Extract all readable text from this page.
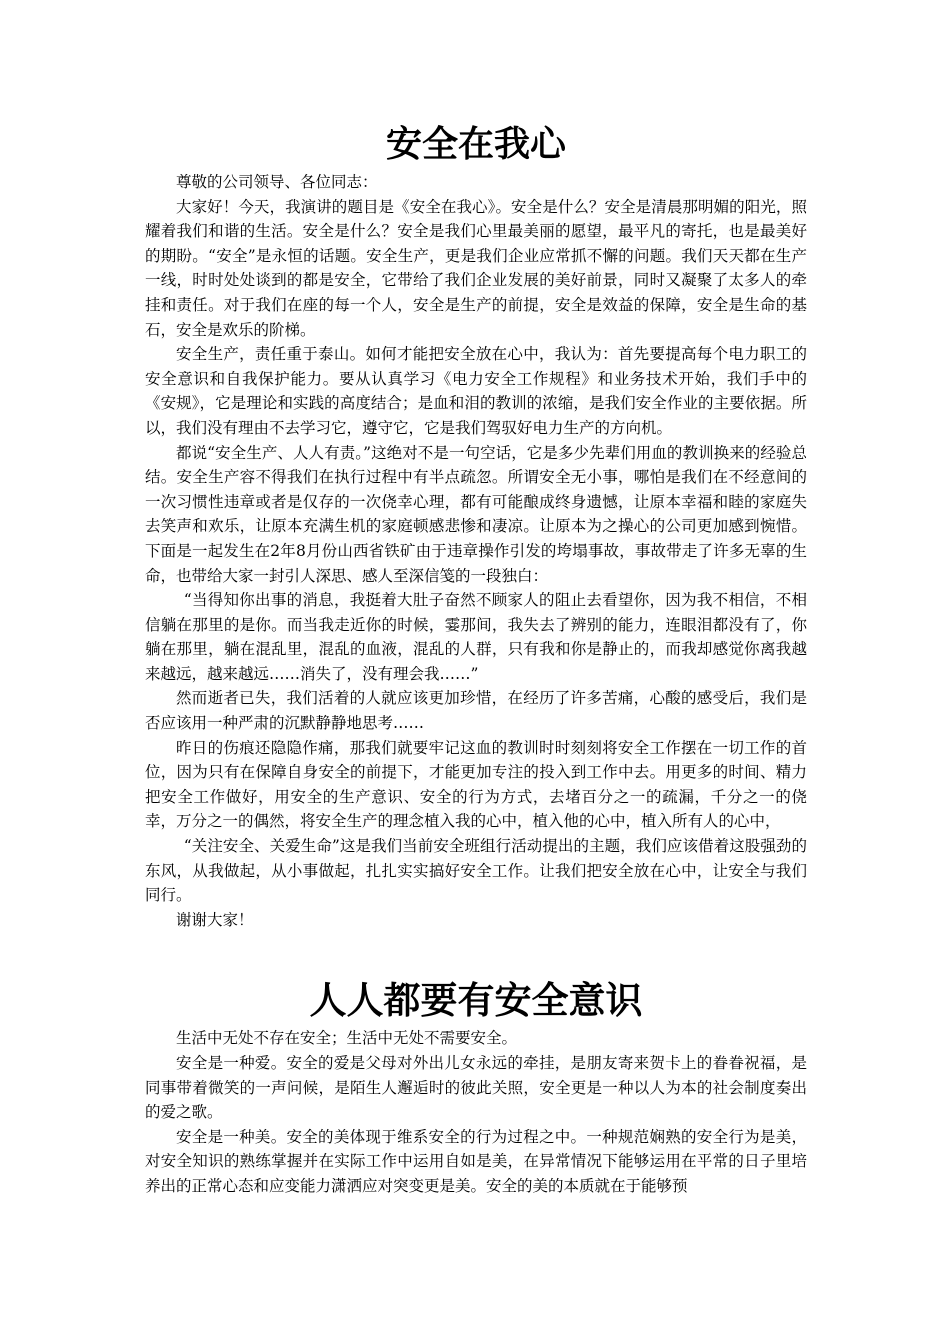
安全在我心

尊敬的公司领导、各位同志：

大家好！今天，我演讲的题目是《安全在我心》。安全是什么？安全是清晨那明媚的阳光，照耀着我们和谐的生活。安全是什么？安全是我们心里最美丽的愿望，最平凡的寄托，也是最美好的期盼。“安全”是永恒的话题。安全生产，更是我们企业应常抓不懈的问题。我们天天都在生产一线，时时处处谈到的都是安全，它带给了我们企业发展的美好前景，同时又凝聚了太多人的牵挂和责任。对于我们在座的每一个人，安全是生产的前提，安全是效益的保障，安全是生命的基石，安全是欢乐的阶梯。

安全生产，责任重于泰山。如何才能把安全放在心中，我认为：首先要提高每个电力职工的安全意识和自我保护能力。要从认真学习《电力安全工作规程》和业务技术开始，我们手中的《安规》，它是理论和实践的高度结合；是血和泪的教训的浓缩，是我们安全作业的主要依据。所以，我们没有理由不去学习它，遵守它，它是我们驾驭好电力生产的方向机。

都说“安全生产、人人有责。”这绝对不是一句空话，它是多少先辈们用血的教训换来的经验总结。安全生产容不得我们在执行过程中有半点疏忽。所谓安全无小事，哪怕是我们在不经意间的一次习惯性违章或者是仅存的一次侥幸心理，都有可能酿成终身遗憾，让原本幸福和睦的家庭失去笑声和欢乐，让原本充满生机的家庭顿感悲惨和凄凉。让原本为之操心的公司更加感到惋惜。下面是一起发生在2年8月份山西省铁矿由于违章操作引发的垮塌事故，事故带走了许多无辜的生命，也带给大家一封引人深思、感人至深信笺的一段独白：

“当得知你出事的消息，我挺着大肚子奋然不顾家人的阻止去看望你，因为我不相信，不相信躺在那里的是你。而当我走近你的时候，霎那间，我失去了辨别的能力，连眼泪都没有了，你躺在那里，躺在混乱里，混乱的血液，混乱的人群，只有我和你是静止的，而我却感觉你离我越来越远，越来越远……消失了，没有理会我……”

然而逝者已失，我们活着的人就应该更加珍惜，在经历了许多苦痛，心酸的感受后，我们是否应该用一种严肃的沉默静静地思考……

昨日的伤痕还隐隐作痛，那我们就要牢记这血的教训时时刻刻将安全工作摆在一切工作的首位，因为只有在保障自身安全的前提下，才能更加专注的投入到工作中去。用更多的时间、精力把安全工作做好，用安全的生产意识、安全的行为方式，去堵百分之一的疏漏，千分之一的侥幸，万分之一的偶然，将安全生产的理念植入我的心中，植入他的心中，植入所有人的心中，

“关注安全、关爱生命”这是我们当前安全班组行活动提出的主题，我们应该借着这股强劲的东风，从我做起，从小事做起，扎扎实实搞好安全工作。让我们把安全放在心中，让安全与我们同行。

谢谢大家！

人人都要有安全意识

生活中无处不存在安全；生活中无处不需要安全。

安全是一种爱。安全的爱是父母对外出儿女永远的牵挂，是朋友寄来贺卡上的眷眷祝福，是同事带着微笑的一声问候，是陌生人邂逅时的彼此关照，安全更是一种以人为本的社会制度奏出的爱之歌。

安全是一种美。安全的美体现于维系安全的行为过程之中。一种规范娴熟的安全行为是美，对安全知识的熟练掌握并在实际工作中运用自如是美，在异常情况下能够运用在平常的日子里培养出的正常心态和应变能力潇洒应对突变更是美。安全的美的本质就在于能够预
